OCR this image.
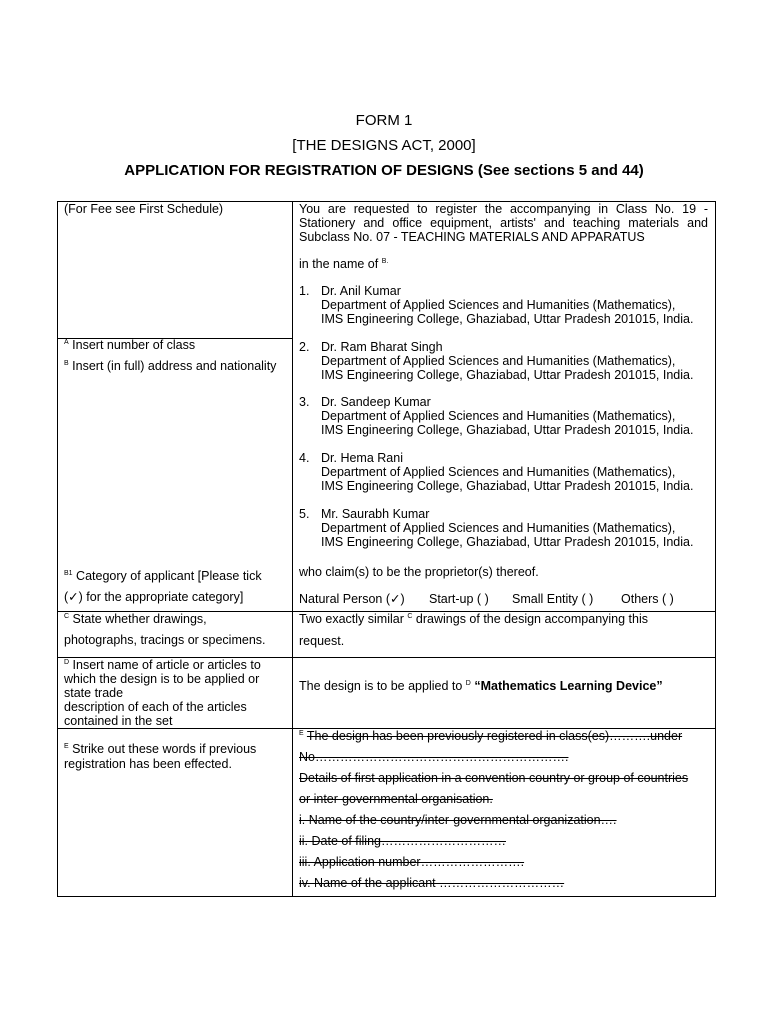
FORM 1
[THE DESIGNS ACT, 2000]
APPLICATION FOR REGISTRATION OF DESIGNS (See sections 5 and 44)
(For Fee see First Schedule)
$^A$ Insert number of class
$^B$ Insert (in full) address and nationality
$^{B1}$ Category of applicant [Please tick
(✓) for the appropriate category]
$^C$ State whether drawings,
photographs, tracings or specimens.
$^D$ Insert name of article or articles to
which the design is to be applied or
state trade
description of each of the articles
contained in the set
$^E$ Strike out these words if previous
registration has been effected.
You are requested to register the accompanying in Class No. 19 - Stationery and office equipment, artists' and teaching materials and Subclass No. 07 - TEACHING MATERIALS AND APPARATUS
in the name of $^{B.}$
1. Dr. Anil Kumar
Department of Applied Sciences and Humanities (Mathematics),
IMS Engineering College, Ghaziabad, Uttar Pradesh 201015, India.
2. Dr. Ram Bharat Singh
Department of Applied Sciences and Humanities (Mathematics),
IMS Engineering College, Ghaziabad, Uttar Pradesh 201015, India.
3. Dr. Sandeep Kumar
Department of Applied Sciences and Humanities (Mathematics),
IMS Engineering College, Ghaziabad, Uttar Pradesh 201015, India.
4. Dr. Hema Rani
Department of Applied Sciences and Humanities (Mathematics),
IMS Engineering College, Ghaziabad, Uttar Pradesh 201015, India.
5. Mr. Saurabh Kumar
Department of Applied Sciences and Humanities (Mathematics),
IMS Engineering College, Ghaziabad, Uttar Pradesh 201015, India.
who claim(s) to be the proprietor(s) thereof.
Natural Person (✓) Start-up ( ) Small Entity ( ) Others ( )
Two exactly similar $^C$ drawings of the design accompanying this
request.
The design is to be applied to $^D$ “Mathematics Learning Device”
$^E$ The design has been previously registered in class(es)……….under
No…………………………………………………….
Details of first application in a convention country or group of countries
or inter-governmental organisation.
i. Name of the country/inter-governmental organization….
ii. Date of filing…………………………
iii. Application number…………………….
iv. Name of the applicant …………………………
